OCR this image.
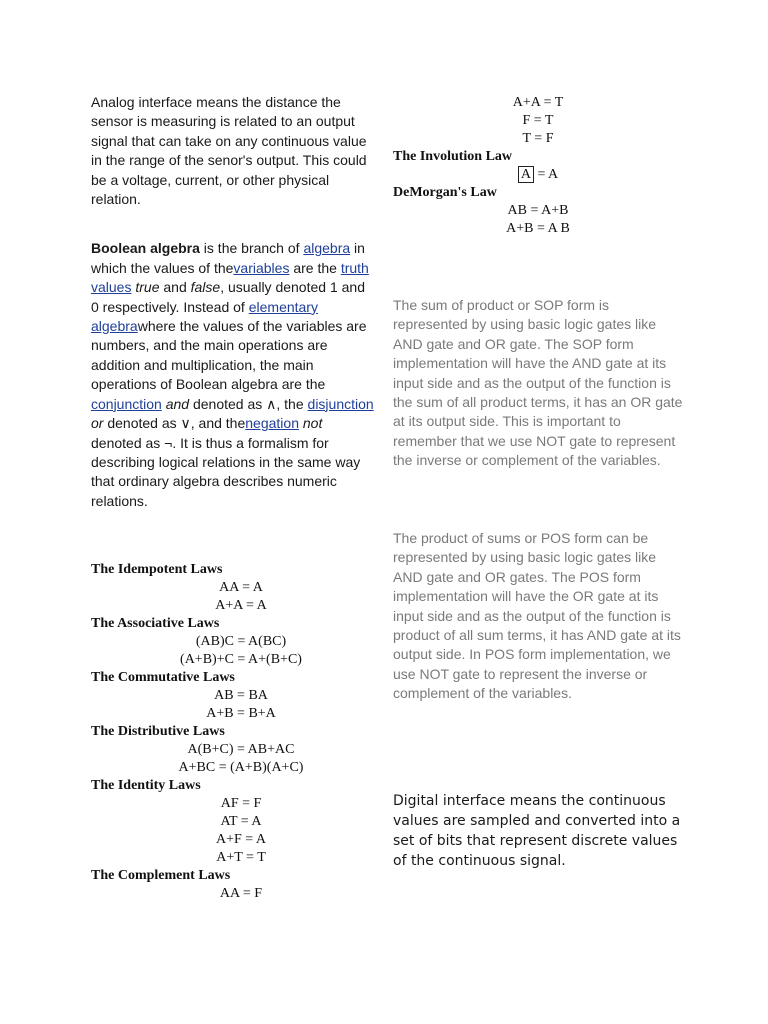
Analog interface means the distance the sensor is measuring is related to an output signal that can take on any continuous value in the range of the senor's output. This could be a voltage, current, or other physical relation.

Boolean algebra is the branch of algebra in which the values of thevariables are the truth values true and false, usually denoted 1 and 0 respectively. Instead of elementary algebrawhere the values of the variables are numbers, and the main operations are addition and multiplication, the main operations of Boolean algebra are the conjunction and denoted as ∧, the disjunction or denoted as ∨, and thenegation not denoted as ¬. It is thus a formalism for describing logical relations in the same way that ordinary algebra describes numeric relations.

The Idempotent Laws
AA = A
A+A = A
The Associative Laws
(AB)C = A(BC)
(A+B)+C = A+(B+C)
The Commutative Laws
AB = BA
A+B = B+A
The Distributive Laws
A(B+C) = AB+AC
A+BC = (A+B)(A+C)
The Identity Laws
AF = F
AT = A
A+F = A
A+T = T
The Complement Laws
AA = F
A+A = T
F = T
T = F
The Involution Law
A = A
DeMorgan's Law
AB = A+B
A+B = A B

The sum of product or SOP form is represented by using basic logic gates like AND gate and OR gate. The SOP form implementation will have the AND gate at its input side and as the output of the function is the sum of all product terms, it has an OR gate at its output side. This is important to remember that we use NOT gate to represent the inverse or complement of the variables.

The product of sums or POS form can be represented by using basic logic gates like AND gate and OR gates. The POS form implementation will have the OR gate at its input side and as the output of the function is product of all sum terms, it has AND gate at its output side. In POS form implementation, we use NOT gate to represent the inverse or complement of the variables.

Digital interface means the continuous values are sampled and converted into a set of bits that represent discrete values of the continuous signal.
